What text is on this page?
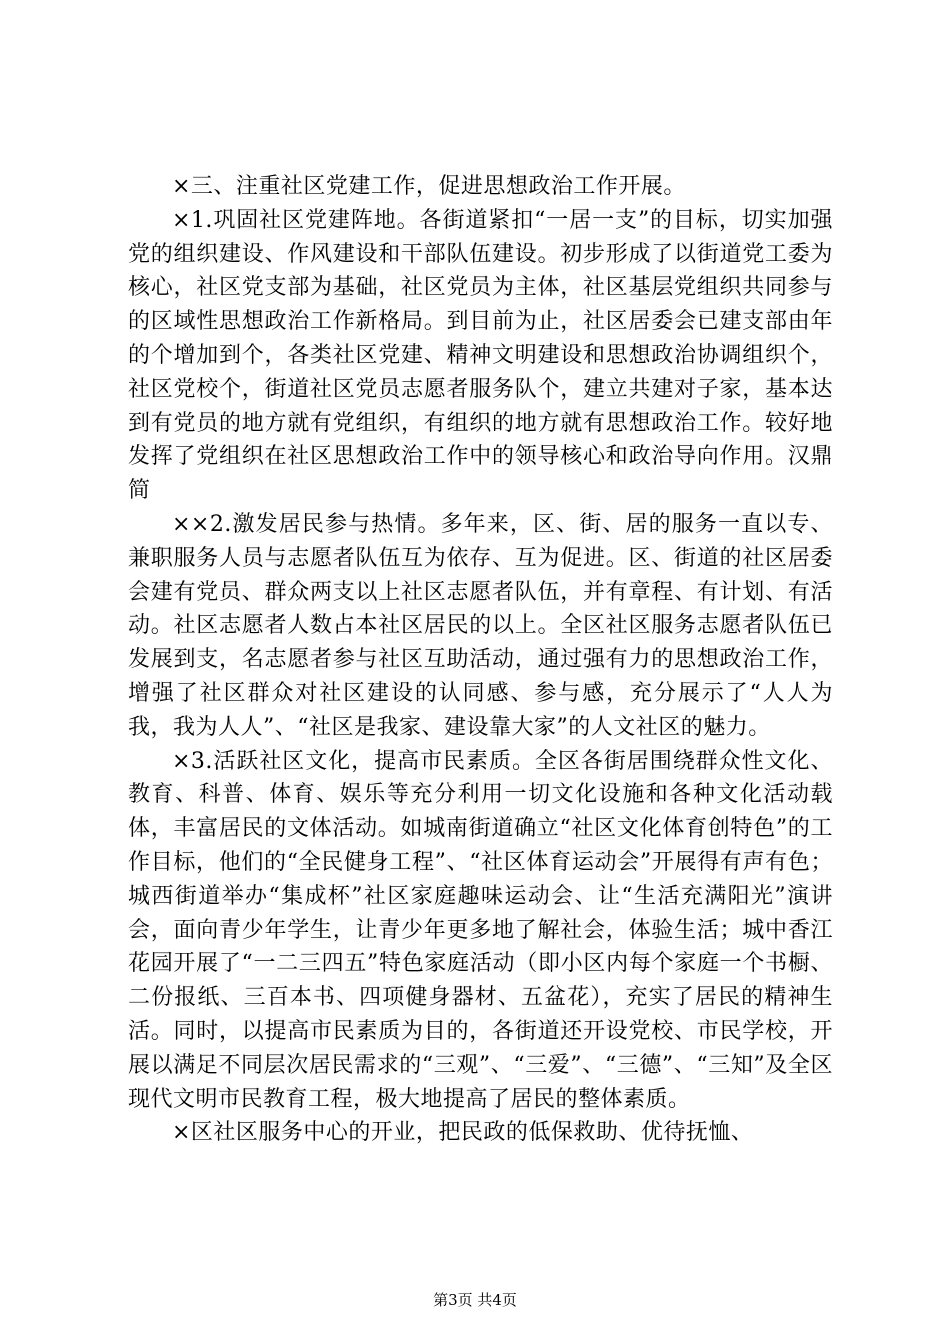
×三、注重社区党建工作，促进思想政治工作开展。

×1.巩固社区党建阵地。各街道紧扣“一居一支”的目标，切实加强党的组织建设、作风建设和干部队伍建设。初步形成了以街道党工委为核心，社区党支部为基础，社区党员为主体，社区基层党组织共同参与的区域性思想政治工作新格局。到目前为止，社区居委会已建支部由年的个增加到个，各类社区党建、精神文明建设和思想政治协调组织个，社区党校个，街道社区党员志愿者服务队个，建立共建对子家，基本达到有党员的地方就有党组织，有组织的地方就有思想政治工作。较好地发挥了党组织在社区思想政治工作中的领导核心和政治导向作用。汉鼎简

××2.激发居民参与热情。多年来，区、街、居的服务一直以专、兼职服务人员与志愿者队伍互为依存、互为促进。区、街道的社区居委会建有党员、群众两支以上社区志愿者队伍，并有章程、有计划、有活动。社区志愿者人数占本社区居民的以上。全区社区服务志愿者队伍已发展到支，名志愿者参与社区互助活动，通过强有力的思想政治工作，增强了社区群众对社区建设的认同感、参与感，充分展示了“人人为我，我为人人”、“社区是我家、建设靠大家”的人文社区的魅力。

×3.活跃社区文化，提高市民素质。全区各街居围绕群众性文化、教育、科普、体育、娱乐等充分利用一切文化设施和各种文化活动载体，丰富居民的文体活动。如城南街道确立“社区文化体育创特色”的工作目标，他们的“全民健身工程”、“社区体育运动会”开展得有声有色；城西街道举办“集成杯”社区家庭趣味运动会、让“生活充满阳光”演讲会，面向青少年学生，让青少年更多地了解社会，体验生活；城中香江花园开展了“一二三四五”特色家庭活动（即小区内每个家庭一个书橱、二份报纸、三百本书、四项健身器材、五盆花），充实了居民的精神生活。同时，以提高市民素质为目的，各街道还开设党校、市民学校，开展以满足不同层次居民需求的“三观”、“三爱”、“三德”、“三知”及全区现代文明市民教育工程，极大地提高了居民的整体素质。

×区社区服务中心的开业，把民政的低保救助、优待抚恤、

第3页 共4页
